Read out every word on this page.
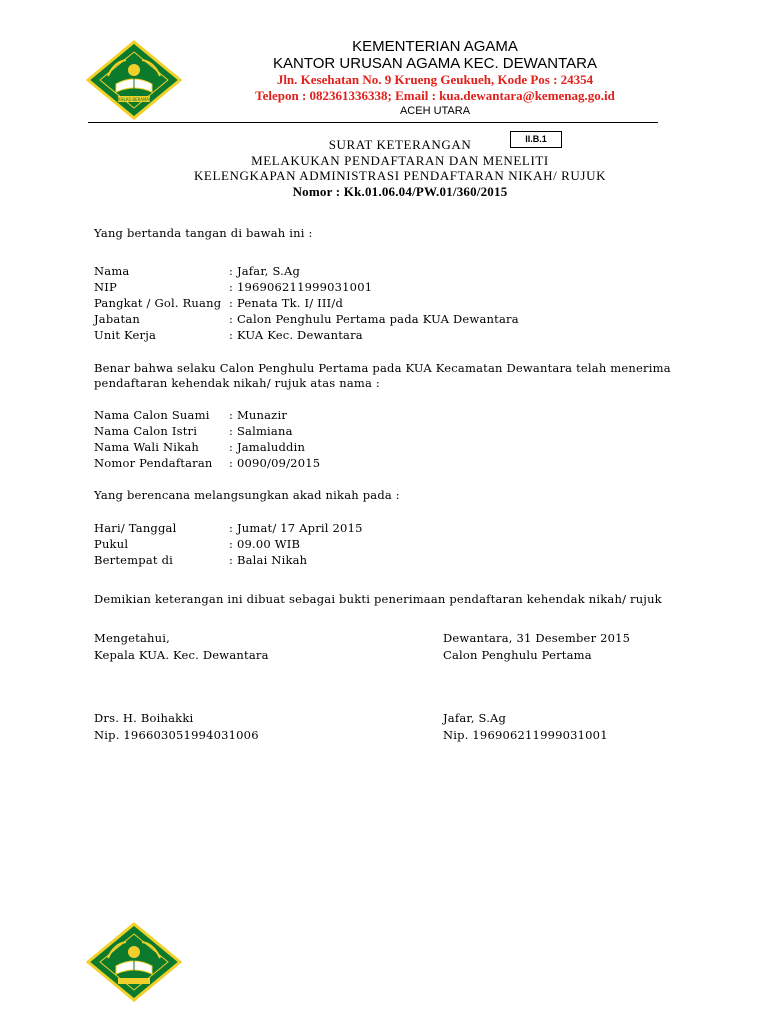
IKHLAS BERAMAL
KEMENTERIAN AGAMA
KANTOR URUSAN AGAMA KEC. DEWANTARA
Jln. Kesehatan No. 9 Krueng Geukueh, Kode Pos : 24354
Telepon : 082361336338; Email : kua.dewantara@kemenag.go.id
ACEH UTARA
II.B.1
SURAT KETERANGAN
MELAKUKAN PENDAFTARAN DAN MENELITI
KELENGKAPAN ADMINISTRASI PENDAFTARAN NIKAH/ RUJUK
Nomor : Kk.01.06.04/PW.01/360/2015
Yang bertanda tangan di bawah ini :
Nama	: Jafar, S.Ag
NIP	: 196906211999031001
Pangkat / Gol. Ruang	: Penata Tk. I/ III/d
Jabatan	: Calon Penghulu Pertama pada KUA Dewantara
Unit Kerja	: KUA Kec. Dewantara
Benar bahwa selaku Calon Penghulu Pertama pada KUA Kecamatan Dewantara telah menerima
pendaftaran kehendak nikah/ rujuk atas nama :
Nama Calon Suami	: Munazir
Nama Calon Istri	: Salmiana
Nama Wali Nikah	: Jamaluddin
Nomor Pendaftaran	: 0090/09/2015
Yang berencana melangsungkan akad nikah pada :
Hari/ Tanggal	: Jumat/ 17 April 2015
Pukul	: 09.00 WIB
Bertempat di	: Balai Nikah
Demikian keterangan ini dibuat sebagai bukti penerimaan pendaftaran kehendak nikah/ rujuk
Mengetahui,
Kepala KUA. Kec. Dewantara
Drs. H. Boihakki
Nip. 196603051994031006
Dewantara, 31 Desember 2015
Calon Penghulu Pertama
Jafar, S.Ag
Nip. 196906211999031001
